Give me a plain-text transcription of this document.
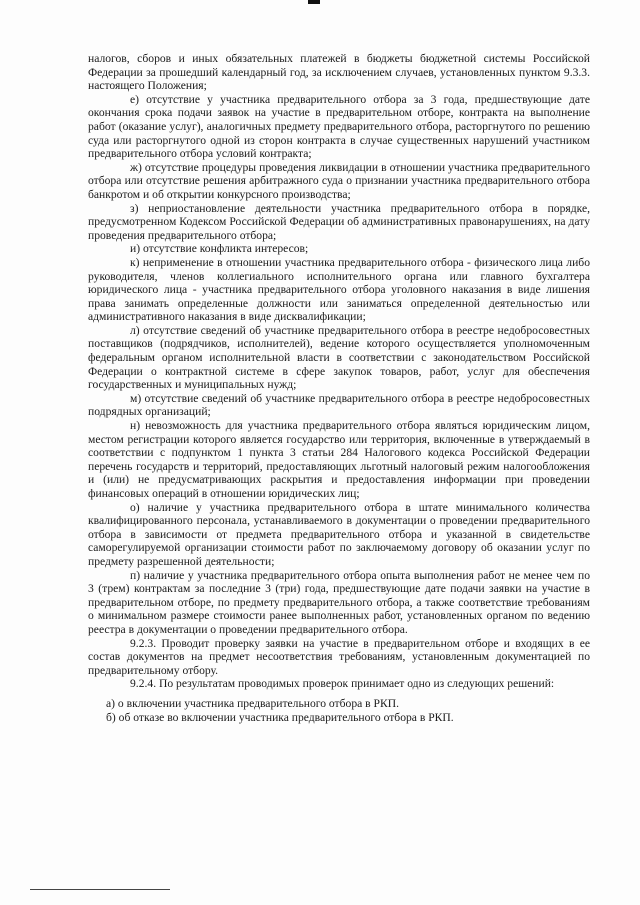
налогов, сборов и иных обязательных платежей в бюджеты бюджетной системы Российской Федерации за прошедший календарный год, за исключением случаев, установленных пунктом 9.3.3. настоящего Положения;

е) отсутствие у участника предварительного отбора за 3 года, предшествующие дате окончания срока подачи заявок на участие в предварительном отборе, контракта на выполнение работ (оказание услуг), аналогичных предмету предварительного отбора, расторгнутого по решению суда или расторгнутого одной из сторон контракта в случае существенных нарушений участником предварительного отбора условий контракта;

ж) отсутствие процедуры проведения ликвидации в отношении участника предварительного отбора или отсутствие решения арбитражного суда о признании участника предварительного отбора банкротом и об открытии конкурсного производства;

з) неприостановление деятельности участника предварительного отбора в порядке, предусмотренном Кодексом Российской Федерации об административных правонарушениях, на дату проведения предварительного отбора;

и) отсутствие конфликта интересов;

к) неприменение в отношении участника предварительного отбора - физического лица либо руководителя, членов коллегиального исполнительного органа или главного бухгалтера юридического лица - участника предварительного отбора уголовного наказания в виде лишения права занимать определенные должности или заниматься определенной деятельностью или административного наказания в виде дисквалификации;

л) отсутствие сведений об участнике предварительного отбора в реестре недобросовестных поставщиков (подрядчиков, исполнителей), ведение которого осуществляется уполномоченным федеральным органом исполнительной власти в соответствии с законодательством Российской Федерации о контрактной системе в сфере закупок товаров, работ, услуг для обеспечения государственных и муниципальных нужд;

м) отсутствие сведений об участнике предварительного отбора в реестре недобросовестных подрядных организаций;

н) невозможность для участника предварительного отбора являться юридическим лицом, местом регистрации которого является государство или территория, включенные в утверждаемый в соответствии с подпунктом 1 пункта 3 статьи 284 Налогового кодекса Российской Федерации перечень государств и территорий, предоставляющих льготный налоговый режим налогообложения и (или) не предусматривающих раскрытия и предоставления информации при проведении финансовых операций в отношении юридических лиц;

о) наличие у участника предварительного отбора в штате минимального количества квалифицированного персонала, устанавливаемого в документации о проведении предварительного отбора в зависимости от предмета предварительного отбора и указанной в свидетельстве саморегулируемой организации стоимости работ по заключаемому договору об оказании услуг по предмету разрешенной деятельности;

п) наличие у участника предварительного отбора опыта выполнения работ не менее чем по 3 (трем) контрактам за последние 3 (три) года, предшествующие дате подачи заявки на участие в предварительном отборе, по предмету предварительного отбора, а также соответствие требованиям о минимальном размере стоимости ранее выполненных работ, установленных органом по ведению реестра в документации о проведении предварительного отбора.

9.2.3. Проводит проверку заявки на участие в предварительном отборе и входящих в ее состав документов на предмет несоответствия требованиям, установленным документацией по предварительному отбору.

9.2.4. По результатам проводимых проверок принимает одно из следующих решений:

а) о включении участника предварительного отбора в РКП.

б) об отказе во включении участника предварительного отбора в РКП.
